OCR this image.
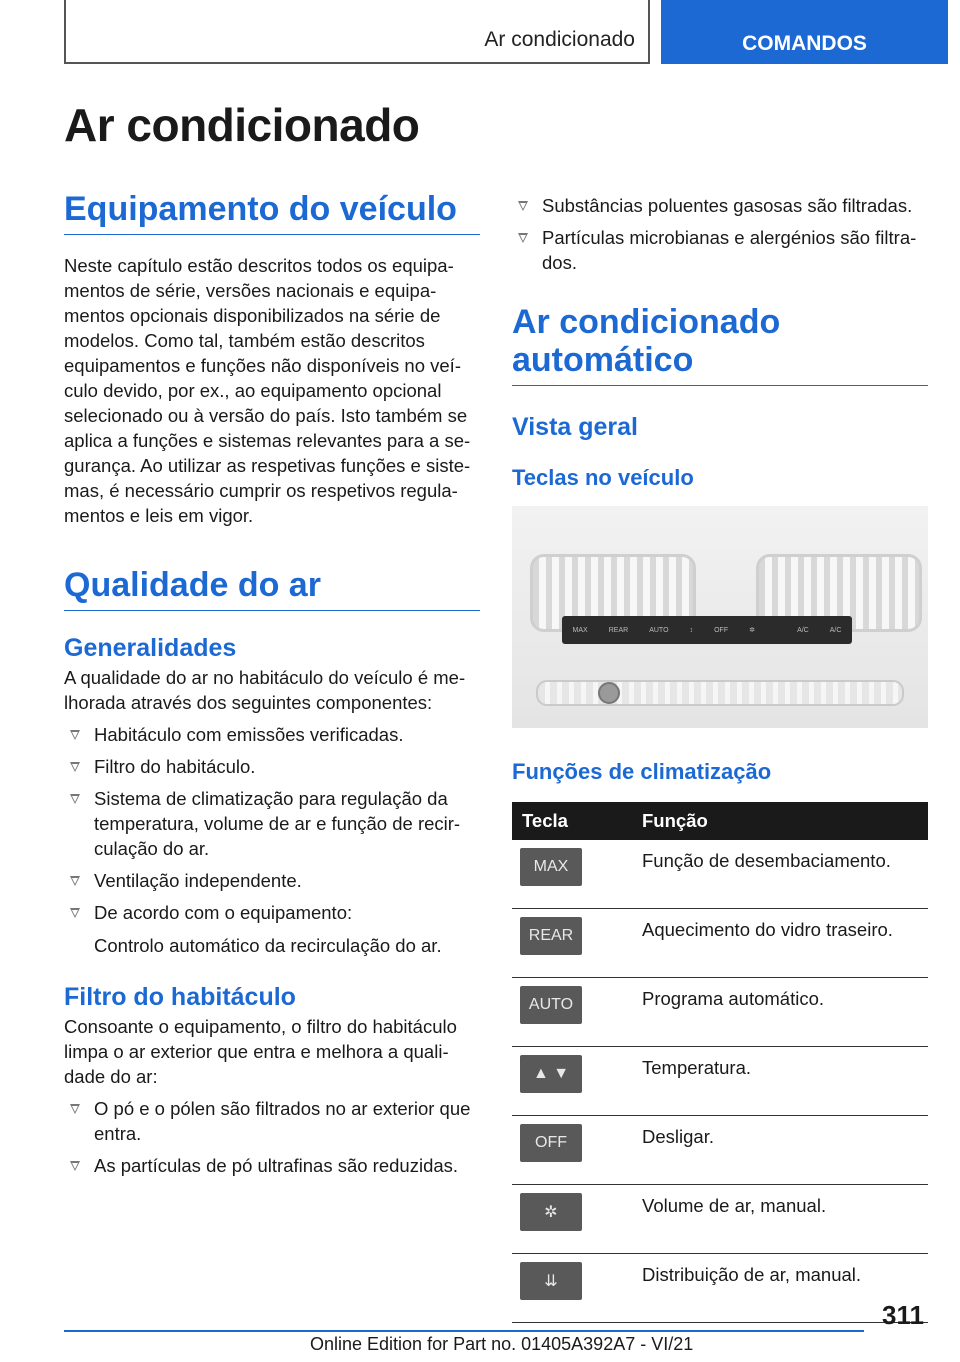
Ar condicionado	COMANDOS
Ar condicionado
Equipamento do veículo

Neste capítulo estão descritos todos os equipamentos de série, versões nacionais e equipamentos opcionais disponibilizados na série de modelos. Como tal, também estão descritos equipamentos e funções não disponíveis no veículo devido, por ex., ao equipamento opcional selecionado ou à versão do país. Isto também se aplica a funções e sistemas relevantes para a segurança. Ao utilizar as respetivas funções e sistemas, é necessário cumprir os respetivos regulamentos e leis em vigor.

Qualidade do ar
Generalidades

A qualidade do ar no habitáculo do veículo é melhorada através dos seguintes componentes:

Habitáculo com emissões verificadas.
Filtro do habitáculo.
Sistema de climatização para regulação da temperatura, volume de ar e função de recirculação do ar.
Ventilação independente.
De acordo com o equipamento:
Controlo automático da recirculação do ar.
Filtro do habitáculo

Consoante o equipamento, o filtro do habitáculo limpa o ar exterior que entra e melhora a qualidade do ar:

O pó e o pólen são filtrados no ar exterior que entra.
As partículas de pó ultrafinas são reduzidas.
Substâncias poluentes gasosas são filtradas.
Partículas microbianas e alergénios são filtrados.
Ar condicionado automático
Vista geral
Teclas no veículo
MAX	REAR	AUTO	↕	OFF	✲	A/C	A/C
Funções de climatização
Tecla	Função

MAX	Função de desembaciamento.

REAR	Aquecimento do vidro traseiro.

AUTO	Programa automático.

▲ ▼	Temperatura.

OFF	Desligar.

✲	Volume de ar, manual.

⇊	Distribuição de ar, manual.
311
Online Edition for Part no. 01405A392A7 - VI/21
